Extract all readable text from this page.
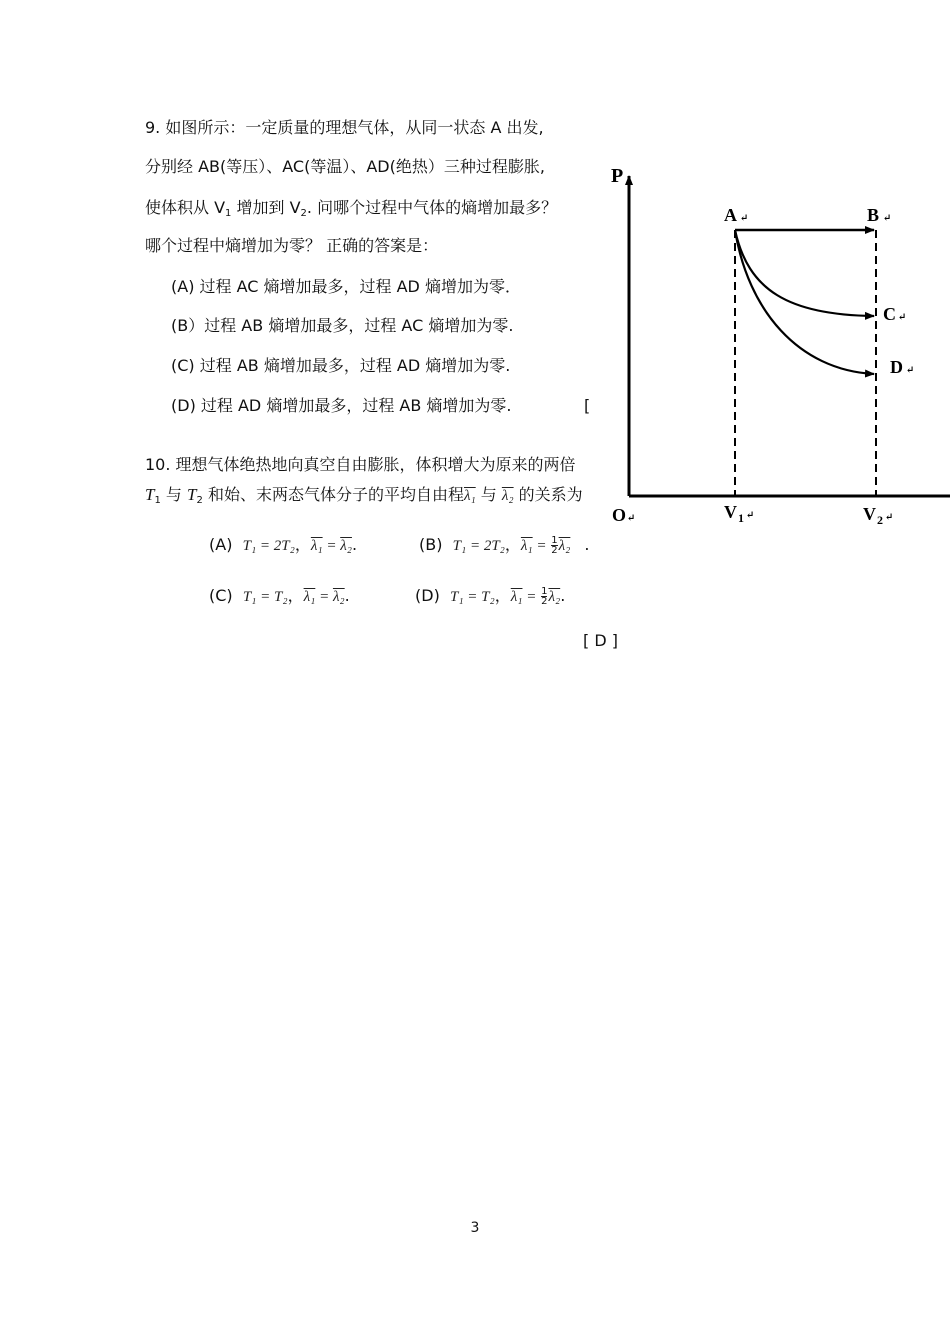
9. 如图所示：一定质量的理想气体，从同一状态 A 出发,
分别经 AB(等压）、AC(等温）、AD(绝热）三种过程膨胀,
使体积从 $V_1$ 增加到 $V_2$. 问哪个过程中气体的熵增加最多？
哪个过程中熵增加为零？ 正确的答案是：
(A) 过程 AC 熵增加最多，过程 AD 熵增加为零．
(B）过程 AB 熵增加最多，过程 AC 熵增加为零.
(C) 过程 AB 熵增加最多，过程 AD 熵增加为零.
(D) 过程 AD 熵增加最多，过程 AB 熵增加为零.	[
10. 理想气体绝热地向真空自由膨胀，体积增大为原来的两倍
$T_1$ 与 $T_2$ 和始、末两态气体分子的平均自由程λ₁ 与 λ₂ 的关系为
(A) T₁ = 2T₂，λ₁ = λ₂.	(B) T₁ = 2T₂，$\lambda_1 = \frac{1}{2} \lambda_2$ .
(C) T₁ = T₂，λ₁ = λ₂.	(D) T₁ = T₂，$\lambda_1 = \frac{1}{2} \lambda_2$.
[ D ]
P
A ↵	B ↵
C ↵
D ↵
O ↵	V 1 ↵	V 2 ↵
3
